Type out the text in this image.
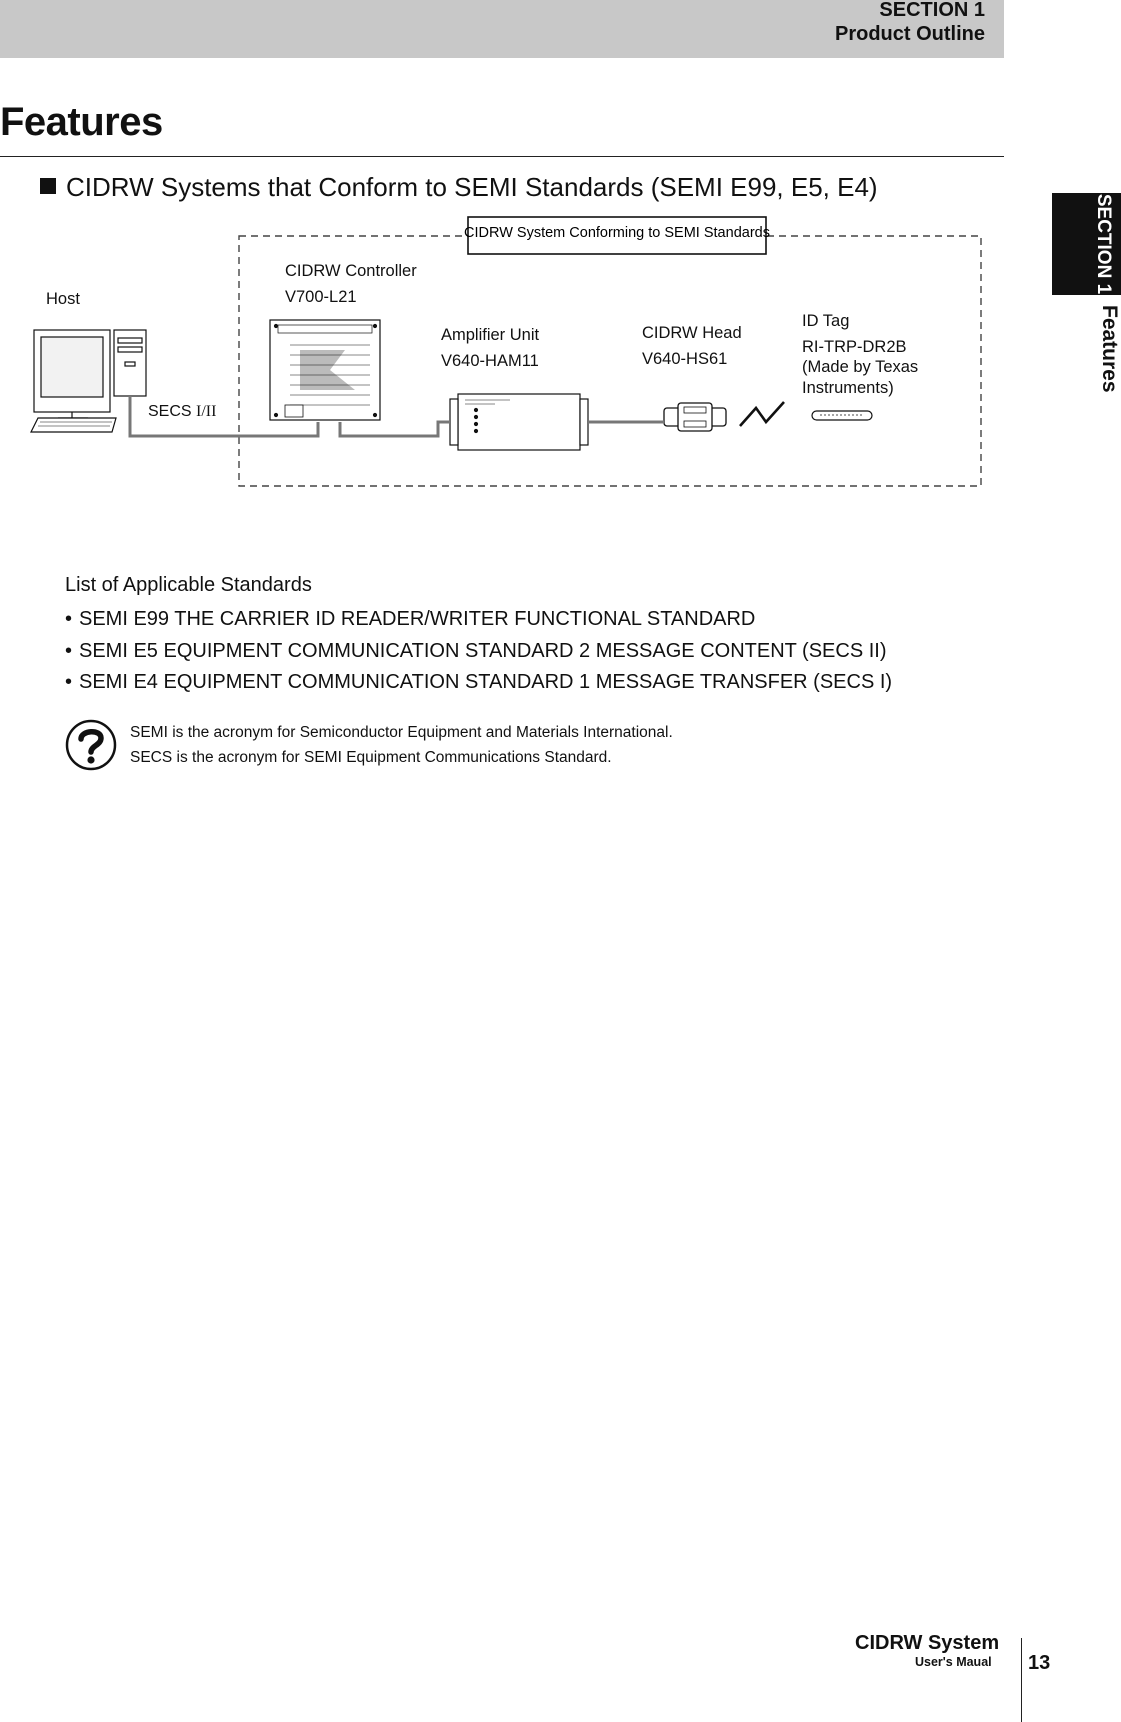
SECTION 1
Product Outline
Features
CIDRW Systems that Conform to SEMI Standards (SEMI E99, E5, E4)
SECTION 1
Features
CIDRW System Conforming to SEMI Standards
Host
SECS I/II
CIDRW Controller
V700-L21
Amplifier Unit
V640-HAM11
CIDRW Head
V640-HS61
ID Tag
RI-TRP-DR2B
(Made by Texas
Instruments)
List of Applicable Standards
• SEMI E99 THE CARRIER ID READER/WRITER FUNCTIONAL STANDARD
• SEMI E5 EQUIPMENT COMMUNICATION STANDARD 2 MESSAGE CONTENT (SECS II)
• SEMI E4 EQUIPMENT COMMUNICATION STANDARD 1 MESSAGE TRANSFER (SECS I)
SEMI is the acronym for Semiconductor Equipment and Materials International.
SECS is the acronym for SEMI Equipment Communications Standard.
CIDRW System
User's Maual 13
